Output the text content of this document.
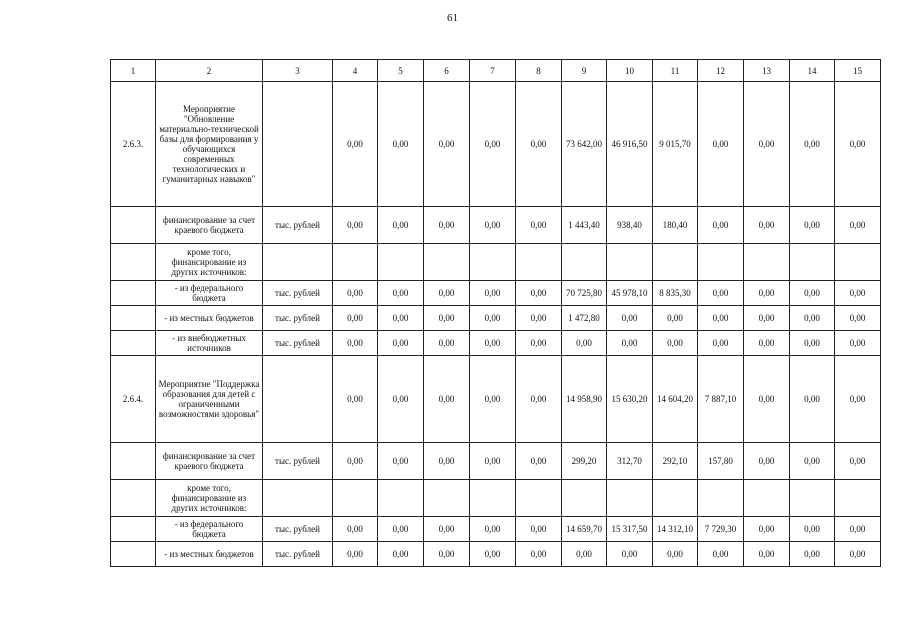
61
1	2	3	4	5	6	7	8	9	10	11	12	13	14	15
2.6.3.	Мероприятие "Обновление материально-технической базы для формирования у обучающихся современных технологических и гуманитарных навыков"		0,00	0,00	0,00	0,00	0,00	73 642,00	46 916,50	9 015,70	0,00	0,00	0,00	0,00
	финансирование за счет краевого бюджета	тыс. рублей	0,00	0,00	0,00	0,00	0,00	1 443,40	938,40	180,40	0,00	0,00	0,00	0,00
	кроме того, финансирование из других источников:													
	- из федерального бюджета	тыс. рублей	0,00	0,00	0,00	0,00	0,00	70 725,80	45 978,10	8 835,30	0,00	0,00	0,00	0,00
	- из местных бюджетов	тыс. рублей	0,00	0,00	0,00	0,00	0,00	1 472,80	0,00	0,00	0,00	0,00	0,00	0,00
	- из внебюджетных источников	тыс. рублей	0,00	0,00	0,00	0,00	0,00	0,00	0,00	0,00	0,00	0,00	0,00	0,00
2.6.4.	Мероприятие "Поддержка образования для детей с ограниченными возможностями здоровья"		0,00	0,00	0,00	0,00	0,00	14 958,90	15 630,20	14 604,20	7 887,10	0,00	0,00	0,00
	финансирование за счет краевого бюджета	тыс. рублей	0,00	0,00	0,00	0,00	0,00	299,20	312,70	292,10	157,80	0,00	0,00	0,00
	кроме того, финансирование из других источников:													
	- из федерального бюджета	тыс. рублей	0,00	0,00	0,00	0,00	0,00	14 659,70	15 317,50	14 312,10	7 729,30	0,00	0,00	0,00
	- из местных бюджетов	тыс. рублей	0,00	0,00	0,00	0,00	0,00	0,00	0,00	0,00	0,00	0,00	0,00	0,00
